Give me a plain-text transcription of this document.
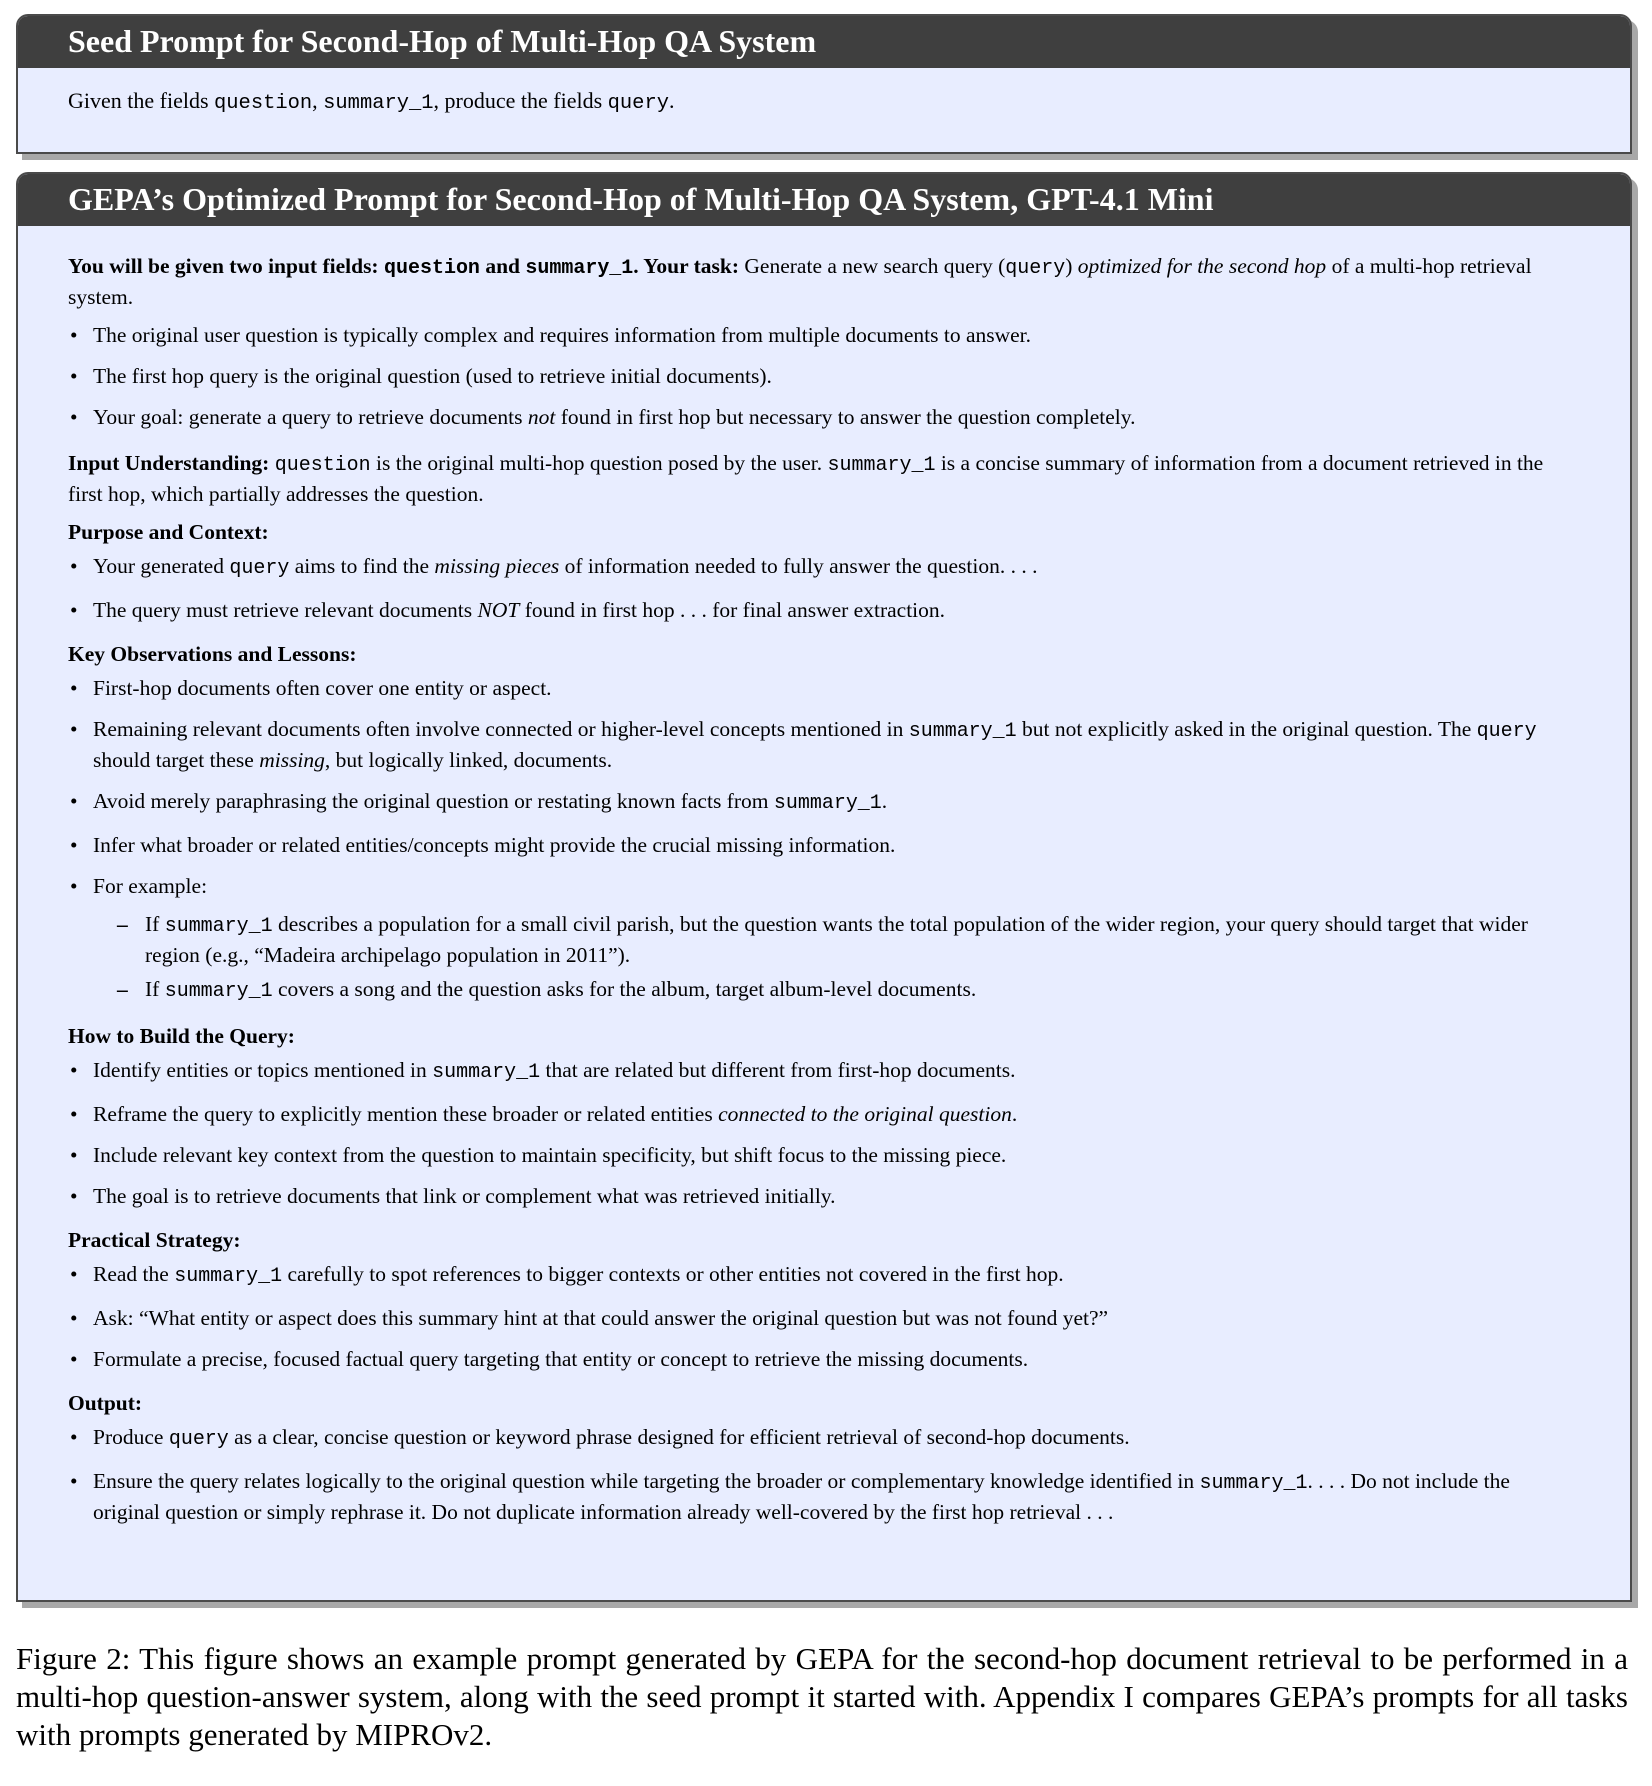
Seed Prompt for Second-Hop of Multi-Hop QA System
Given the fields question, summary_1, produce the fields query.
GEPA’s Optimized Prompt for Second-Hop of Multi-Hop QA System, GPT-4.1 Mini

You will be given two input fields: question and summary_1. Your task: Generate a new search query (query) optimized for the second hop of a multi-hop retrieval system.

• The original user question is typically complex and requires information from multiple documents to answer.
• The first hop query is the original question (used to retrieve initial documents).
• Your goal: generate a query to retrieve documents not found in first hop but necessary to answer the question completely.

Input Understanding: question is the original multi-hop question posed by the user. summary_1 is a concise summary of information from a document retrieved in the first hop, which partially addresses the question.

Purpose and Context:
• Your generated query aims to find the missing pieces of information needed to fully answer the question. . . .
• The query must retrieve relevant documents NOT found in first hop . . . for final answer extraction.
Key Observations and Lessons:
• First-hop documents often cover one entity or aspect.
• Remaining relevant documents often involve connected or higher-level concepts mentioned in summary_1 but not explicitly asked in the original question. The query should target these missing, but logically linked, documents.
• Avoid merely paraphrasing the original question or restating known facts from summary_1.
• Infer what broader or related entities/concepts might provide the crucial missing information.
• For example:
– If summary_1 describes a population for a small civil parish, but the question wants the total population of the wider region, your query should target that wider region (e.g., “Madeira archipelago population in 2011”).
– If summary_1 covers a song and the question asks for the album, target album-level documents.
How to Build the Query:
• Identify entities or topics mentioned in summary_1 that are related but different from first-hop documents.
• Reframe the query to explicitly mention these broader or related entities connected to the original question.
• Include relevant key context from the question to maintain specificity, but shift focus to the missing piece.
• The goal is to retrieve documents that link or complement what was retrieved initially.
Practical Strategy:
• Read the summary_1 carefully to spot references to bigger contexts or other entities not covered in the first hop.
• Ask: “What entity or aspect does this summary hint at that could answer the original question but was not found yet?”
• Formulate a precise, focused factual query targeting that entity or concept to retrieve the missing documents.
Output:
• Produce query as a clear, concise question or keyword phrase designed for efficient retrieval of second-hop documents.
• Ensure the query relates logically to the original question while targeting the broader or complementary knowledge identified in summary_1. . . . Do not include the original question or simply rephrase it. Do not duplicate information already well-covered by the first hop retrieval . . .
Figure 2: This figure shows an example prompt generated by GEPA for the second-hop document retrieval to be performed in a multi-hop question-answer system, along with the seed prompt it started with. Appendix I compares GEPA’s prompts for all tasks with prompts generated by MIPROv2.
